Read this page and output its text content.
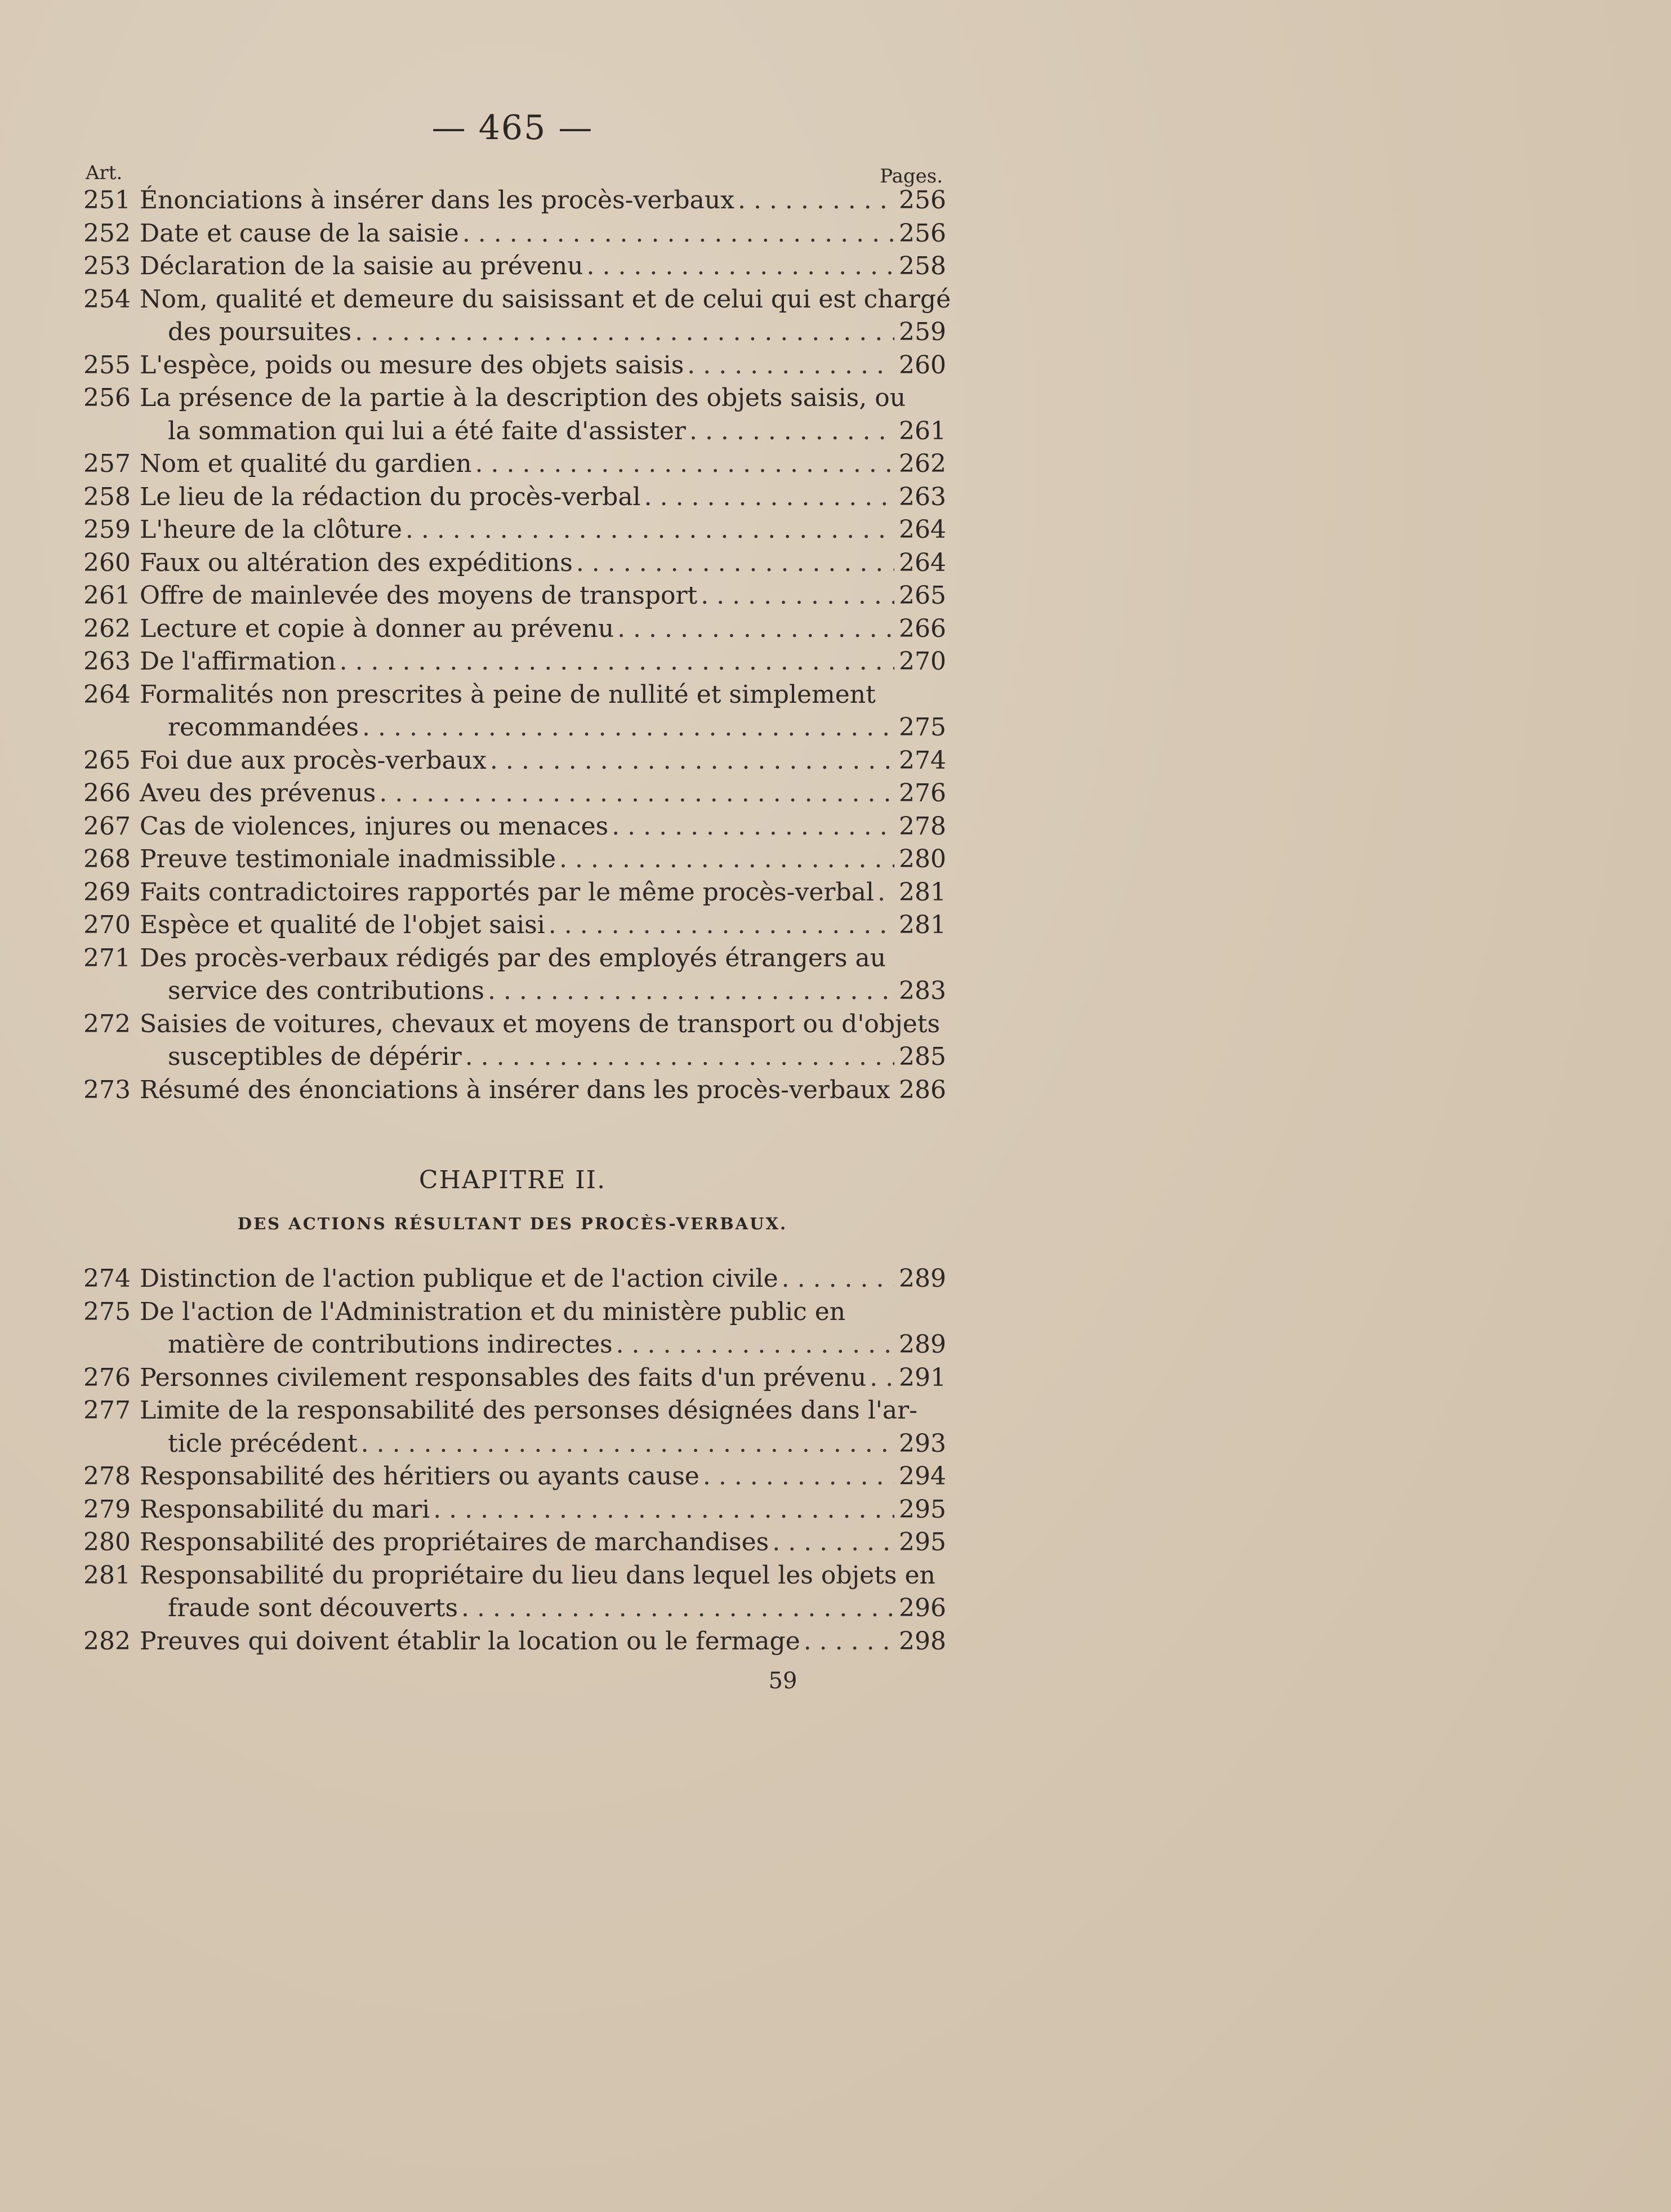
— 465 —
Art.	Pages.
251 Énonciations à insérer dans les procès-verbaux . . .	256
252 Date et cause de la saisie . . .	256
253 Déclaration de la saisie au prévenu . . .	258
254 Nom, qualité et demeure du saisissant et de celui qui est chargé
des poursuites . . .	259
255 L'espèce, poids ou mesure des objets saisis . . .	260
256 La présence de la partie à la description des objets saisis, ou
la sommation qui lui a été faite d'assister . . .	261
257 Nom et qualité du gardien . . .	262
258 Le lieu de la rédaction du procès-verbal . . .	263
259 L'heure de la clôture . . .	264
260 Faux ou altération des expéditions . . .	264
261 Offre de mainlevée des moyens de transport . . .	265
262 Lecture et copie à donner au prévenu . . .	266
263 De l'affirmation . . .	270
264 Formalités non prescrites à peine de nullité et simplement
recommandées . . .	275
265 Foi due aux procès-verbaux . . .	274
266 Aveu des prévenus . . .	276
267 Cas de violences, injures ou menaces . . .	278
268 Preuve testimoniale inadmissible . . .	280
269 Faits contradictoires rapportés par le même procès-verbal . . . 281
270 Espèce et qualité de l'objet saisi . . .	281
271 Des procès-verbaux rédigés par des employés étrangers au
service des contributions . . .	283
272 Saisies de voitures, chevaux et moyens de transport ou d'objets
susceptibles de dépérir . . .	285
273 Résumé des énonciations à insérer dans les procès-verbaux . . . 286
CHAPITRE II.
DES ACTIONS RÉSULTANT DES PROCÈS-VERBAUX.
274 Distinction de l'action publique et de l'action civile . . .	289
275 De l'action de l'Administration et du ministère public en
matière de contributions indirectes . . .	289
276 Personnes civilement responsables des faits d'un prévenu . . . 291
277 Limite de la responsabilité des personses désignées dans l'ar-
ticle précédent . . .	293
278 Responsabilité des héritiers ou ayants cause . . .	294
279 Responsabilité du mari . . .	295
280 Responsabilité des propriétaires de marchandises . . .	295
281 Responsabilité du propriétaire du lieu dans lequel les objets en
fraude sont découverts . . .	296
282 Preuves qui doivent établir la location ou le fermage . . .	298
59
